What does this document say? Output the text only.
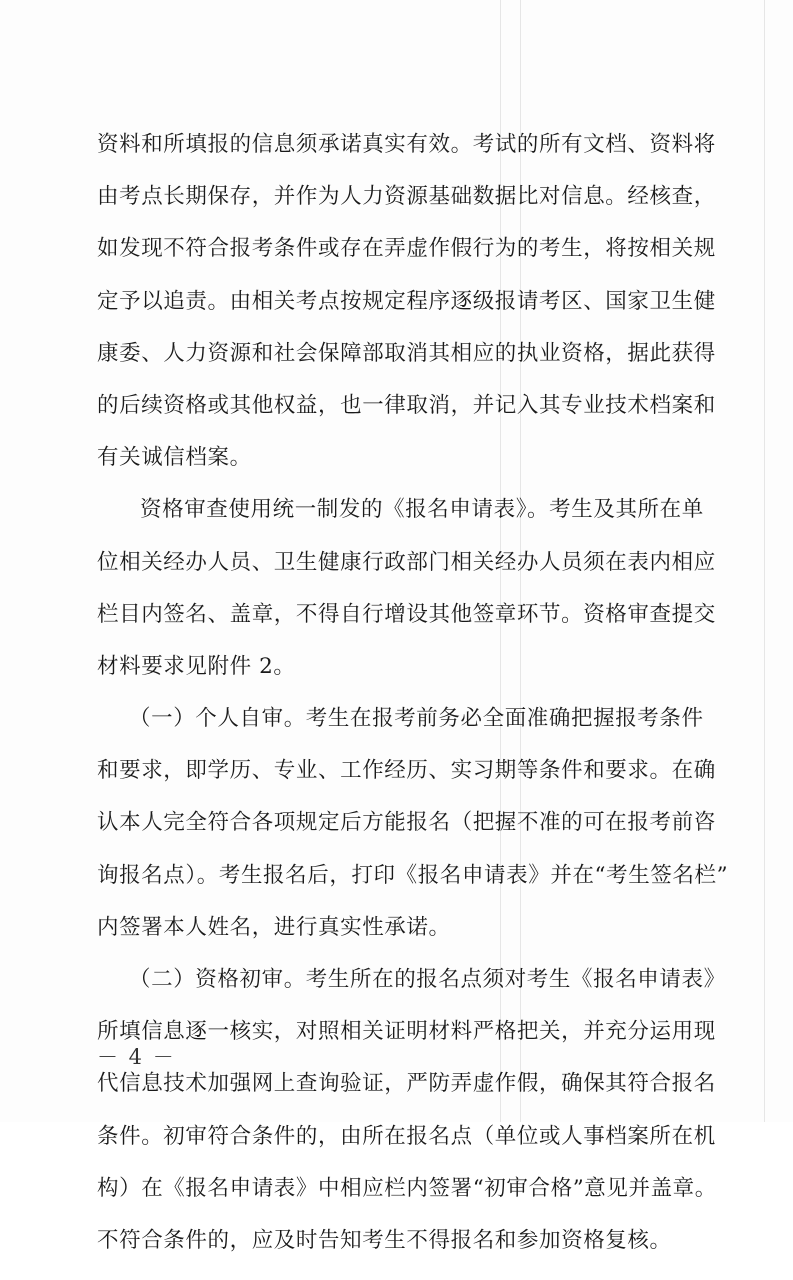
资料和所填报的信息须承诺真实有效。考试的所有文档、资料将
由考点长期保存，并作为人力资源基础数据比对信息。经核查，
如发现不符合报考条件或存在弄虚作假行为的考生，将按相关规
定予以追责。由相关考点按规定程序逐级报请考区、国家卫生健
康委、人力资源和社会保障部取消其相应的执业资格，据此获得
的后续资格或其他权益，也一律取消，并记入其专业技术档案和
有关诚信档案。
资格审查使用统一制发的《报名申请表》。考生及其所在单
位相关经办人员、卫生健康行政部门相关经办人员须在表内相应
栏目内签名、盖章，不得自行增设其他签章环节。资格审查提交
材料要求见附件 2。
（一）个人自审。考生在报考前务必全面准确把握报考条件
和要求，即学历、专业、工作经历、实习期等条件和要求。在确
认本人完全符合各项规定后方能报名（把握不准的可在报考前咨
询报名点）。考生报名后，打印《报名申请表》并在“考生签名栏”
内签署本人姓名，进行真实性承诺。
（二）资格初审。考生所在的报名点须对考生《报名申请表》
所填信息逐一核实，对照相关证明材料严格把关，并充分运用现
代信息技术加强网上查询验证，严防弄虚作假，确保其符合报名
条件。初审符合条件的，由所在报名点（单位或人事档案所在机
构）在《报名申请表》中相应栏内签署“初审合格”意见并盖章。
不符合条件的，应及时告知考生不得报名和参加资格复核。
－ 4 －
